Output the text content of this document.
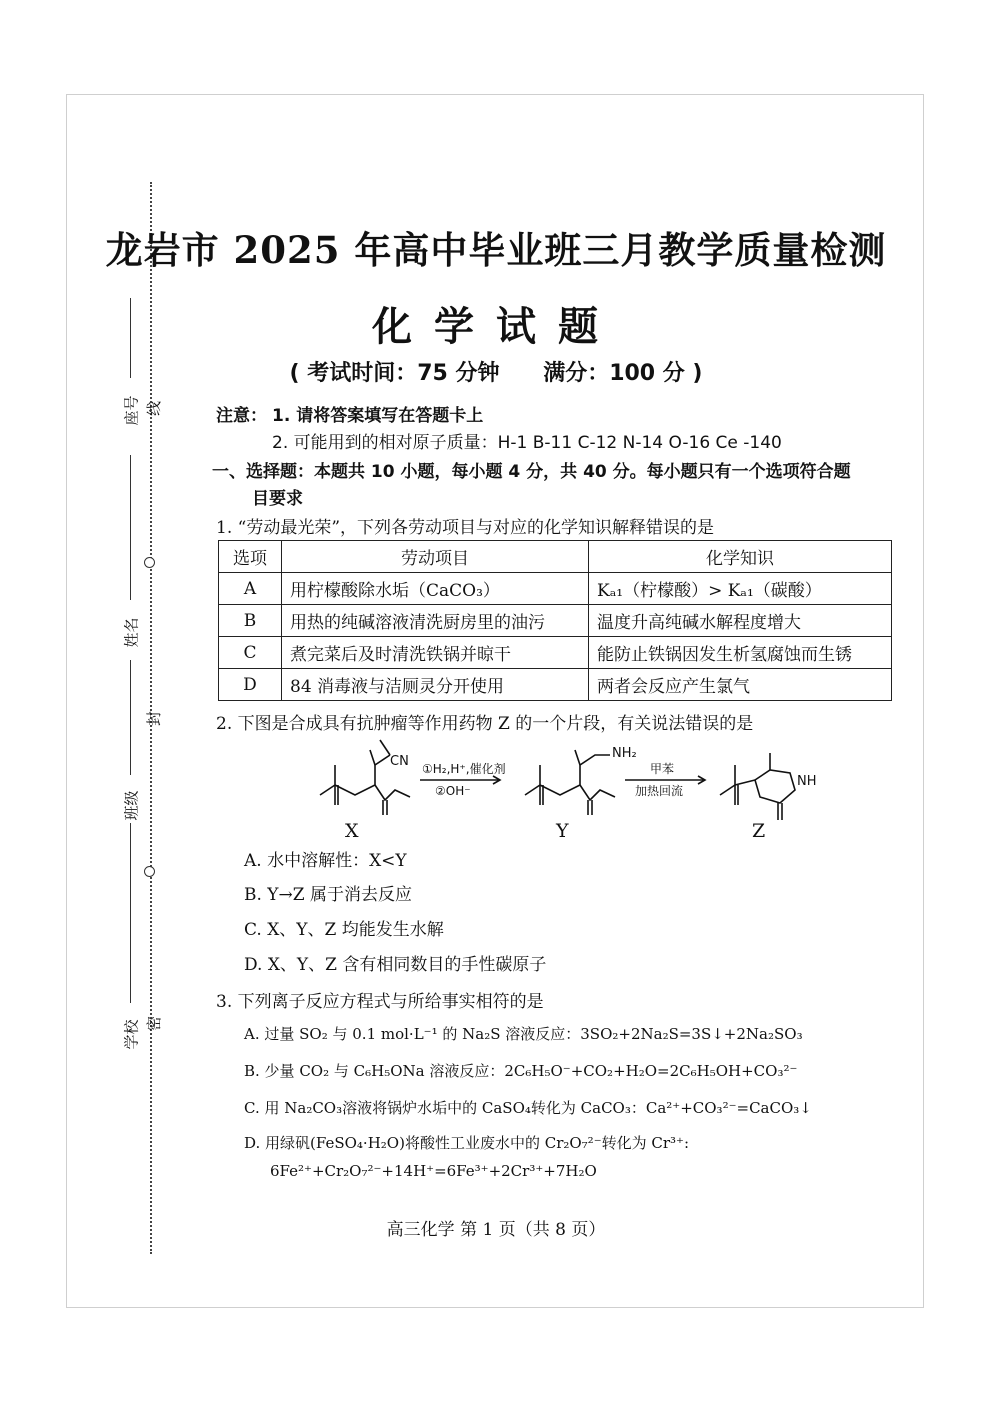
线
封
密
座号
姓名
班级
学校
龙岩市 2025 年高中毕业班三月教学质量检测
化学试题
( 考试时间：75 分钟 满分：100 分 )
注意： 1. 请将答案填写在答题卡上
2. 可能用到的相对原子质量：H-1 B-11 C-12 N-14 O-16 Ce -140
一、选择题：本题共 10 小题，每小题 4 分，共 40 分。每小题只有一个选项符合题
目要求
1. “劳动最光荣”，下列各劳动项目与对应的化学知识解释错误的是
选项	劳动项目	化学知识
A	用柠檬酸除水垢（CaCO₃）	Kₐ₁（柠檬酸）> Kₐ₁（碳酸）
B	用热的纯碱溶液清洗厨房里的油污	温度升高纯碱水解程度增大
C	煮完菜后及时清洗铁锅并晾干	能防止铁锅因发生析氢腐蚀而生锈
D	84 消毒液与洁厕灵分开使用	两者会反应产生氯气
2. 下图是合成具有抗肿瘤等作用药物 Z 的一个片段，有关说法错误的是
CN
NH₂
NH
①H₂,H⁺,催化剂
②OH⁻
甲苯
加热回流
X	Y	Z
A. 水中溶解性：X<Y
B. Y→Z 属于消去反应
C. X、Y、Z 均能发生水解
D. X、Y、Z 含有相同数目的手性碳原子
3. 下列离子反应方程式与所给事实相符的是
A. 过量 SO₂ 与 0.1 mol·L⁻¹ 的 Na₂S 溶液反应：3SO₂+2Na₂S=3S↓+2Na₂SO₃
B. 少量 CO₂ 与 C₆H₅ONa 溶液反应：2C₆H₅O⁻+CO₂+H₂O=2C₆H₅OH+CO₃²⁻
C. 用 Na₂CO₃溶液将锅炉水垢中的 CaSO₄转化为 CaCO₃：Ca²⁺+CO₃²⁻=CaCO₃↓
D. 用绿矾(FeSO₄·H₂O)将酸性工业废水中的 Cr₂O₇²⁻转化为 Cr³⁺:
6Fe²⁺+Cr₂O₇²⁻+14H⁺=6Fe³⁺+2Cr³⁺+7H₂O
高三化学 第 1 页（共 8 页）
